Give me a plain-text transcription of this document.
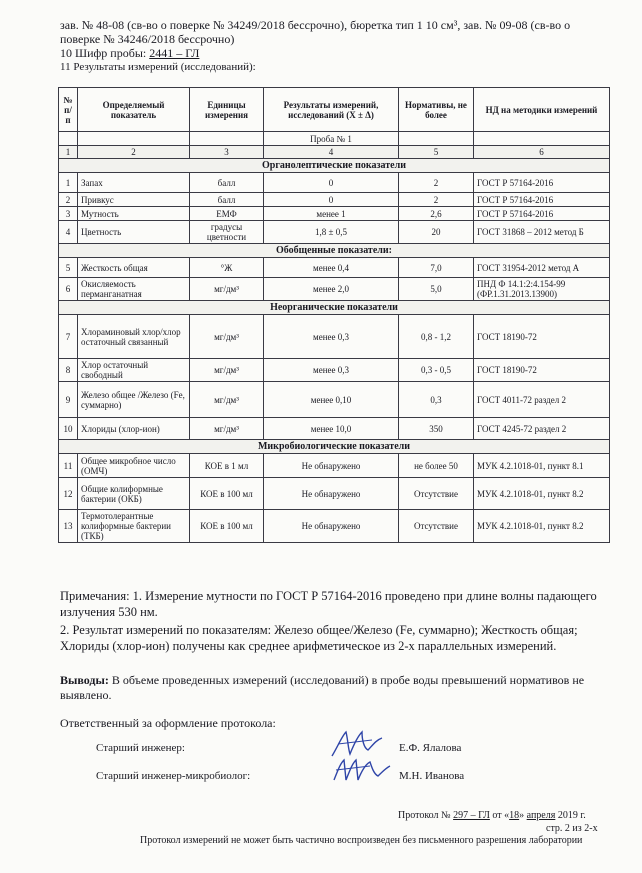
зав. № 48-08 (св-во о поверке № 34249/2018 бессрочно), бюретка тип 1 10 см³, зав. № 09-08 (св-во о поверке № 34246/2018 бессрочно)
10 Шифр пробы: 2441 – ГЛ
11 Результаты измерений (исследований):
№ п/п	Определяемый показатель	Единицы измерения	Результаты измерений, исследований (X ± Δ)	Нормативы, не более	НД на методики измерений
			Проба № 1		
1	2	3	4	5	6
Органолептические показатели					
1	Запах	балл	0	2	ГОСТ Р 57164-2016
2	Привкус	балл	0	2	ГОСТ Р 57164-2016
3	Мутность	ЕМФ	менее 1	2,6	ГОСТ Р 57164-2016
4	Цветность	градусы цветности	1,8 ± 0,5	20	ГОСТ 31868 – 2012 метод Б
Обобщенные показатели:					
5	Жесткость общая	°Ж	менее 0,4	7,0	ГОСТ 31954-2012 метод А
6	Окисляемость перманганатная	мг/дм³	менее 2,0	5,0	ПНД Ф 14.1:2:4.154-99 (ФР.1.31.2013.13900)
Неорганические показатели					
7	Хлораминовый хлор/хлор остаточный связанный	мг/дм³	менее 0,3	0,8 - 1,2	ГОСТ 18190-72
8	Хлор остаточный свободный	мг/дм³	менее 0,3	0,3 - 0,5	ГОСТ 18190-72
9	Железо общее /Железо (Fe, суммарно)	мг/дм³	менее 0,10	0,3	ГОСТ 4011-72 раздел 2
10	Хлориды (хлор-ион)	мг/дм³	менее 10,0	350	ГОСТ 4245-72 раздел 2
Микробиологические показатели					
11	Общее микробное число (ОМЧ)	КОЕ в 1 мл	Не обнаружено	не более 50	МУК 4.2.1018-01, пункт 8.1
12	Общие колиформные бактерии (ОКБ)	КОЕ в 100 мл	Не обнаружено	Отсутствие	МУК 4.2.1018-01, пункт 8.2
13	Термотолерантные колиформные бактерии (ТКБ)	КОЕ в 100 мл	Не обнаружено	Отсутствие	МУК 4.2.1018-01, пункт 8.2

Примечания: 1. Измерение мутности по ГОСТ Р 57164-2016 проведено при длине волны падающего излучения 530 нм.

2. Результат измерений по показателям: Железо общее/Железо (Fe, суммарно); Жесткость общая; Хлориды (хлор-ион) получены как среднее арифметическое из 2-х параллельных измерений.

Выводы: В объеме проведенных измерений (исследований) в пробе воды превышений нормативов не выявлено.
Ответственный за оформление протокола:
Старший инженер:	Е.Ф. Ялалова
Старший инженер-микробиолог:	М.Н. Иванова
Протокол № 297 – ГЛ от «18» апреля 2019 г.
стр. 2 из 2-х
Протокол измерений не может быть частично воспроизведен без письменного разрешения лаборатории
